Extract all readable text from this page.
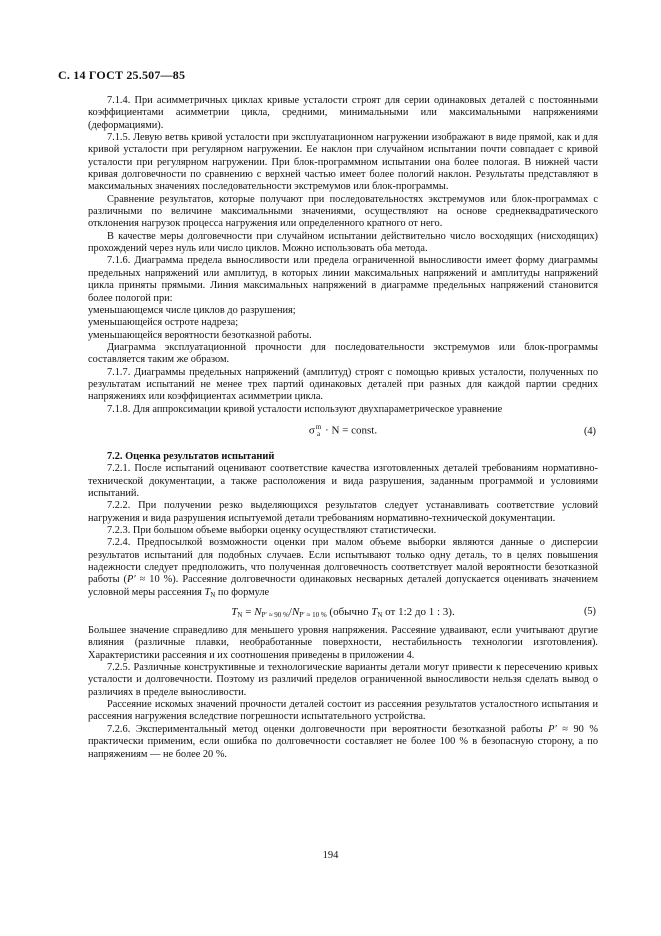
С. 14 ГОСТ 25.507—85

7.1.4. При асимметричных циклах кривые усталости строят для серии одинаковых деталей с постоянными коэффициентами асимметрии цикла, средними, минимальными или максимальными напряжениями (деформациями).

7.1.5. Левую ветвь кривой усталости при эксплуатационном нагружении изображают в виде прямой, как и для кривой усталости при регулярном нагружении. Ее наклон при случайном испытании почти совпадает с кривой усталости при регулярном нагружении. При блок-программном испытании она более пологая. В нижней части кривая долговечности по сравнению с верхней частью имеет более пологий наклон. Результаты представляют в максимальных значениях последовательности экстремумов или блок-программы.

Сравнение результатов, которые получают при последовательностях экстремумов или блок-программах с различными по величине максимальными значениями, осуществляют на основе среднеквадратического отклонения нагрузок процесса нагружения или определенного кратного от него.

В качестве меры долговечности при случайном испытании действительно число восходящих (нисходящих) прохождений через нуль или число циклов. Можно использовать оба метода.

7.1.6. Диаграмма предела выносливости или предела ограниченной выносливости имеет форму диаграммы предельных напряжений или амплитуд, в которых линии максимальных напряжений и амплитуды напряжений цикла приняты прямыми. Линия максимальных напряжений в диаграмме предельных напряжений становится более пологой при:

уменьшающемся числе циклов до разрушения;

уменьшающейся остроте надреза;

уменьшающейся вероятности безотказной работы.

Диаграмма эксплуатационной прочности для последовательности экстремумов или блок-программы составляется таким же образом.

7.1.7. Диаграммы предельных напряжений (амплитуд) строят с помощью кривых усталости, полученных по результатам испытаний не менее трех партий одинаковых деталей при разных для каждой партии средних напряжениях или коэффициентах асимметрии цикла.

7.1.8. Для аппроксимации кривой усталости используют двухпараметрическое уравнение

σm
a · N = const.	(4)

7.2. Оценка результатов испытаний

7.2.1. После испытаний оценивают соответствие качества изготовленных деталей требованиям нормативно-технической документации, а также расположения и вида разрушения, заданным программой и условиями испытаний.

7.2.2. При получении резко выделяющихся результатов следует устанавливать соответствие условий нагружения и вида разрушения испытуемой детали требованиям нормативно-технической документации.

7.2.3. При большом объеме выборки оценку осуществляют статистически.

7.2.4. Предпосылкой возможности оценки при малом объеме выборки являются данные о дисперсии результатов испытаний для подобных случаев. Если испытывают только одну деталь, то в целях повышения надежности следует предположить, что полученная долговечность соответствует малой вероятности безотказной работы (P′ ≈ 10 %). Рассеяние долговечности одинаковых несварных деталей допускается оценивать значением условной меры рассеяния $T_N$ по формуле

$T_N = N_{P' \approx 90 \%}/N_{P' \approx 10 \%}$ (обычно $T_N$ от 1:2 до 1 : 3).	(5)

Большее значение справедливо для меньшего уровня напряжения. Рассеяние удваивают, если учитывают другие влияния (различные плавки, необработанные поверхности, нестабильность технологии изготовления). Характеристики рассеяния и их соотношения приведены в приложении 4.

7.2.5. Различные конструктивные и технологические варианты детали могут привести к пересечению кривых усталости и долговечности. Поэтому из различий пределов ограниченной выносливости нельзя сделать вывод о различиях в пределе выносливости.

Рассеяние искомых значений прочности деталей состоит из рассеяния результатов усталостного испытания и рассеяния нагружения вследствие погрешности испытательного устройства.

7.2.6. Экспериментальный метод оценки долговечности при вероятности безотказной работы P′ ≈ 90 % практически применим, если ошибка по долговечности составляет не более 100 % в безопасную сторону, а по напряжениям — не более 20 %.

194
